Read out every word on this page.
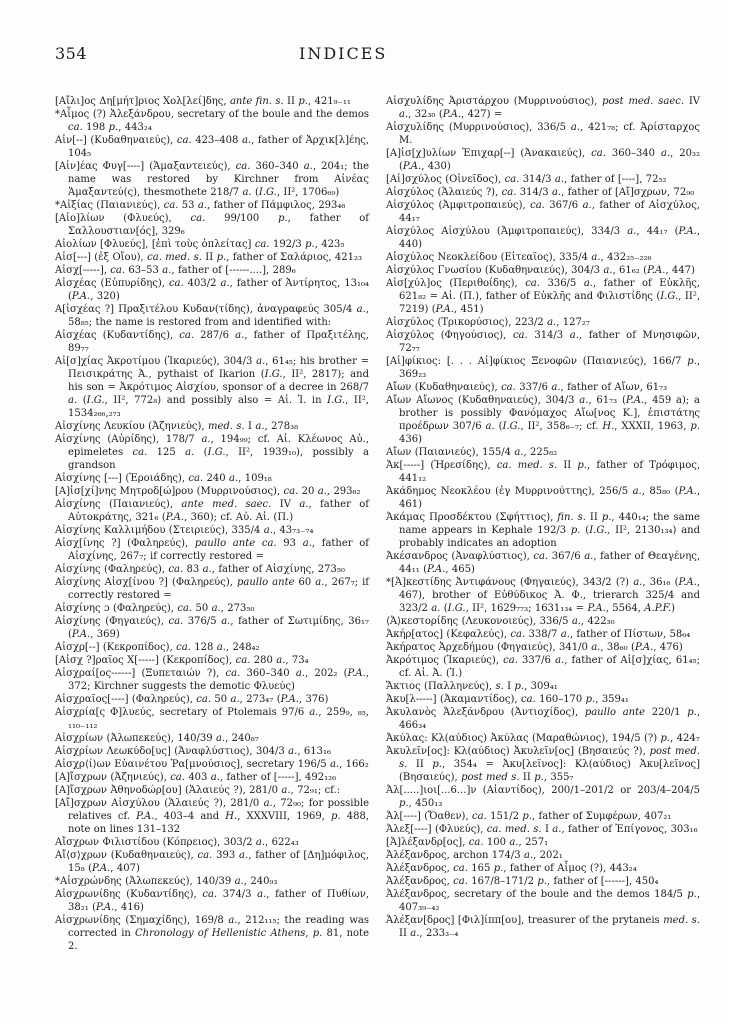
354	INDICES

[Αἴλι]ος Δη[μήτ]ριος Χολ[λεί]δης, ante fin. s. II p., 421₉₋₁₁

*Αἷμος (?) Ἀλεξάνδρου, secretary of the boule and the demos ca. 198 p., 443₂₄

Αἰν[--] (Κυδαθηναιεύς), ca. 423–408 a., father of Ἀρχικ[λ]έης, 104₅

[Αἰν]έας Φυγ[----] (Ἁμαξαντειεύς), ca. 360–340 a., 204₁; the name was restored by Kirchner from Αἰνέας Ἁμαξαντεύ(ς), thesmothete 218/7 a. (I.G., II², 1706₆₉)

*Αἰξίας (Παιανιεύς), ca. 53 a., father of Πάμφιλος, 293₄₆

[Αἰο]λίων (Φλυεύς), ca. 99/100 p., father of Σαλλουστιαν[ός], 329₆

Αἰολίων [Φλυεύς], [ἐπὶ τοὺς ὁπλείτας] ca. 192/3 p., 423₅

Αἰσ[---] (ἐξ Οἴου), ca. med. s. II p., father of Σαλάριος, 421₂₃

Αἰσχ[-----], ca. 63–53 a., father of [------....], 289₆

Αἰσχέας (Εὐπυρίδης), ca. 403/2 a., father of Ἀντίρητος, 13₁₀₄ (P.A., 320)

Α[ἰσχέας ?] Πραξιτέλου Κυδαν(τίδης), ἀναγραφεύς 305/4 a., 58₈₅; the name is restored from and identified with:

Αἰσχέας (Κυδαντίδης), ca. 287/6 a., father of Πραξιτέλης, 89₇₇

Αἰ[σ]χίας Ἀκροτίμου (Ἰκαριεύς), 304/3 a., 61₄₅; his brother = Πεισικράτης Ἀ., pythaist of Ikarion (I.G., II², 2817); and his son = Ἀκρότιμος Αἰσχίου, sponsor of a decree in 268/7 a. (I.G., II², 772₈) and possibly also = Αἰ. Ἰ. in I.G., II², 1534₂₆₆,₂₇₃

Αἰσχίνης Λευκίου (Ἀζηνιεύς), med. s. I a., 278₃₈

Αἰσχίνης (Αὐρίδης), 178/7 a., 194₉₉; cf. Αἰ. Κλέωνος Αὐ., epimeletes ca. 125 a. (I.G., II², 1939₁₀), possibly a grandson

Αἰσχίνης [---] (Ἐροιάδης), ca. 240 a., 109₁₈

[Α]ἰσ[χί]νης Μητροδ[ώ]ρου (Μυρρινούσιος), ca. 20 a., 293₆₂

Αἰσχίνης (Παιανιεύς), ante med. saec. IV a., father of Αὐτοκράτης, 321₆ (P.A., 360); cf. Αὐ. Αἰ. (Π.)

Αἰσχίνης Καλλιμήδου (Στειριεύς), 335/4 a., 43₇₃₋₇₄

Αἰσχ[ίνης ?] (Φαληρεύς), paullo ante ca. 93 a., father of Αἰσχίνης, 267₇; if correctly restored =

Αἰσχίνης (Φαληρεύς), ca. 83 a., father of Αἰσχίνης, 273₅₀

Αἰσχίνης Αἰσχ[ίνου ?] (Φαληρεύς), paullo ante 60 a., 267₇; if correctly restored =

Αἰσχίνης ɔ (Φαληρεύς), ca. 50 a., 273₅₀

Αἰσχίνης (Φηγαιεύς), ca. 376/5 a., father of Σωτιμίδης, 36₁₇ (P.A., 369)

Αἰσχρ[--] (Κεκροπίδος), ca. 128 a., 248₄₂

[Αἰσχ ?]ραῖος Χ[-----] (Κεκροπίδος), ca. 280 a., 73₄

Αἰσχραί[ος------] (Ξυπεταιών ?), ca. 360–340 a., 202₂ (P.A., 372; Kirchner suggests the demotic Φλυεύς)

Αἰσχραῖος[----] (Φαληρεύς), ca. 50 a., 273₄₇ (P.A., 376)

Αἰσχρία[ς Φ]λυεύς, secretary of Ptolemais 97/6 a., 259₉, ₈₅, ₁₁₀₋₁₁₂

Αἰσχρίων (Ἀλωπεκεύς), 140/39 a., 240₈₇

Αἰσχρίων Λεωκύδο[υς] (Ἀναφλύστιος), 304/3 a., 613₁₆

Αἰσχρ⟨ί⟩ων Εὐαινέτου Ῥα[μνούσιος], secretary 196/5 a., 166₂

[Α]ἴσχρων (Ἀζηνιεύς), ca. 403 a., father of [-----], 492₁₂₆

[Α]ἴσχρων Ἀθηνοδώρ[ου] (Ἁλαιεύς ?), 281/0 a., 72₉₁; cf.:

[Αἴ]σχρων Αἰσχύλου (Ἁλαιεύς ?), 281/0 a., 72₉₀; for possible relatives cf. P.A., 403–4 and H., XXXVIII, 1969, p. 488, note on lines 131–132

Αἴσχρων Φιλιστίδου (Κόπρειος), 303/2 a., 622₄₃

Αἴ⟨σ⟩χρων (Κυδαθηναιεύς), ca. 393 a., father of [Δη]μόφιλος, 15₈ (P.A., 407)

*Αἰσχρώνδης (Ἀλωπεκεύς), 140/39 a., 240₉₃

Αἰσχρωνίδης (Κυδαντίδης), ca. 374/3 a., father of Πυθίων, 38₂₁ (P.A., 416)

Αἰσχρωνίδης (Σημαχίδης), 169/8 a., 212₁₁₅; the reading was corrected in Chronology of Hellenistic Athens, p. 81, note 2.

Αἰσχυλίδης Ἀριστάρχου (Μυρρινούσιος), post med. saec. IV a., 32₃₀ (P.A., 427) =

Αἰσχυλίδης (Μυρρινούσιος), 336/5 a., 421₇₈; cf. Ἀρίσταρχος Μ.

[Α]ἰσ[χ]υλίων Ἐπιχαρ[--] (Ἀνακαιεύς), ca. 360–340 a., 20₃₂ (P.A., 430)

[Αἰ]σχύλος (Οἰνεῖδος), ca. 314/3 a., father of [----], 72₅₂

Αἰσχύλος (Ἁλαιεύς ?), ca. 314/3 a., father of [Αἴ]σχρων, 72₉₀

Αἰσχύλος (Ἀμφιτροπαιεύς), ca. 367/6 a., father of Αἰσχύλος, 44₁₇

Αἰσχύλος Αἰσχύλου (Ἀμφιτροπαιεύς), 334/3 a., 44₁₇ (P.A., 440)

Αἰσχύλος Νεοκλείδου (Εἰτεαῖος), 335/4 a., 432₂₅₋₂₂₆

Αἰσχύλος Γνωσίου (Κυδαθηναιεύς), 304/3 a., 61₆₂ (P.A., 447)

Αἰσ[χύλ]ος (Περιθοίδης), ca. 336/5 a., father of Εὐκλῆς, 621₈₂ = Αἰ. (Π.), father of Εὐκλῆς and Φιλιστίδης (I.G., II², 7219) (P.A., 451)

Αἰσχύλος (Τρικορύσιος), 223/2 a., 127₂₇

Αἰσχύλος (Φηγούσιος), ca. 314/3 a., father of Μνησιφῶν, 72₇₇

[Αἰ]φίκιος: [. . . Αἰ]φίκιος Ξενοφῶν (Παιανιεύς), 166/7 p., 369₂₃

Αἴων (Κυδαθηναιεύς), ca. 337/6 a., father of Αἴων, 61₇₃

Αἴων Αἴωνος (Κυδαθηναιεύς), 304/3 a., 61₇₃ (P.A., 459 a); a brother is possibly Φανόμαχος Αἴω[νος Κ.], ἐπιστάτης προέδρων 307/6 a. (I.G., II², 358₆₋₇; cf. H., XXXII, 1963, p. 436)

Αἴων (Παιανιεύς), 155/4 a., 225₈₂

Ἀκ[-----] (Ἡρεσίδης), ca. med. s. II p., father of Τρόφιμος, 441₁₂

Ἀκάδημος Νεοκλέου (ἐγ Μυρρινούττης), 256/5 a., 85₈₀ (P.A., 461)

Ἀκάμας Προσδέκτου (Σφήττιος), fin. s. II p., 440₁₄; the same name appears in Kephale 192/3 p. (I.G., II², 2130₁₃₄) and probably indicates an adoption

Ἀκέσανδρος (Ἀναφλύστιος), ca. 367/6 a., father of Θεαγένης, 44₁₁ (P.A., 465)

*[Ἀ]κεστίδης Ἀντιφάνους (Φηγαιεύς), 343/2 (?) a., 36₁₆ (P.A., 467), brother of Εὐθύδικος Ἀ. Φ., trierarch 325/4 and 323/2 a. (I.G., II², 1629₇₇₃; 1631₁₃₄ = P.A., 5564, A.P.F.)

⟨Ἀ⟩κεστορίδης (Λευκονοιεύς), 336/5 a., 422₃₀

Ἀκήρ[ατος] (Κεφαλεύς), ca. 338/7 a., father of Πίστων, 58₆₄

Ἀκήρατος Ἀρχεδήμου (Φηγαιεύς), 341/0 a., 38₆₀ (P.A., 476)

Ἀκρότιμος (Ἰκαριεύς), ca. 337/6 a., father of Αἰ[σ]χίας, 61₄₅; cf. Αἰ. Ἀ. (Ἰ.)

Ἄκτιος (Παλληνεύς), s. I p., 309₄₁

Ἀκυ[λ-----] (Ἀκαμαντίδος), ca. 160–170 p., 359₄₁

Ἀκυλανὸς Ἀλεξάνδρου (Ἀντιοχίδος), paullo ante 220/1 p., 466₃₄

Ἀκύλας: Κλ(αύδιος) Ἀκύλας (Μαραθώνιος), 194/5 (?) p., 424₇

Ἀκυλεῖν[ος]: Κλ(αύδιος) Ἀκυλεῖν[ος] (Βησαιεύς ?), post med. s. II p., 354₄ = Ἀκυ[λεῖνος]: Κλ(αύδιος) Ἀκυ[λεῖνος] (Βησαιεύς), post med s. II p., 355₇

Ἀλ[.....]ιοι[...6...]ν (Αἰαντίδος), 200/1–201/2 or 203/4–204/5 p., 450₁₃

Ἀλ[----] (Ὄαθεν), ca. 151/2 p., father of Συμφέρων, 407₂₁

Ἀλεξ[----] (Φλυεύς), ca. med. s. I a., father of Ἐπίγονος, 303₁₆

[Ἀ]λέξανδρ[ος], ca. 100 a., 257₁

Ἀλέξανδρος, archon 174/3 a., 202₁

Ἀλέξανδρος, ca. 165 p., father of Αἷμος (?), 443₂₄

Ἀλέξανδρος, ca. 167/8–171/2 p., father of [------], 450₄

Ἀλέξανδρος, secretary of the boule and the demos 184/5 p., 407₃₉₋₄₂

Ἀλέξαν[δρος] [Φιλ]ίππ[ου], treasurer of the prytaneis med. s. II a., 233₃₋₄
